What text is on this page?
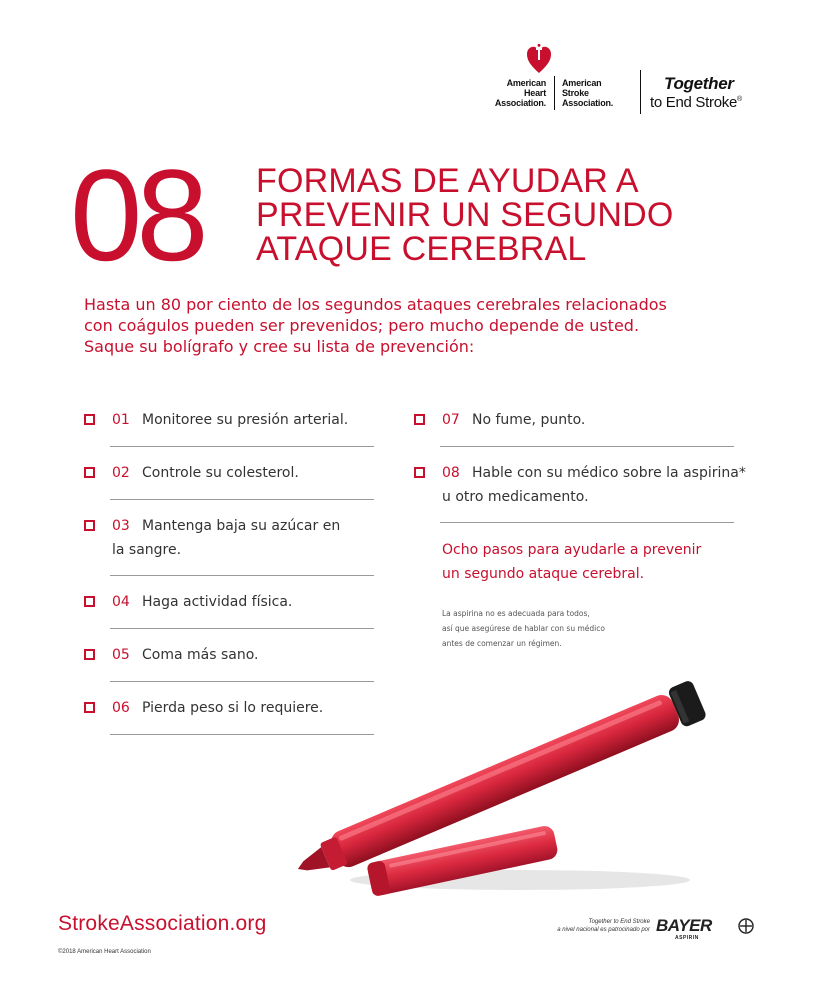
American
Heart
Association.
American
Stroke
Association.
Together
to End Stroke®
08 FORMAS DE AYUDAR A
PREVENIR UN SEGUNDO
ATAQUE CEREBRAL
Hasta un 80 por ciento de los segundos ataques cerebrales relacionados
con coágulos pueden ser prevenidos; pero mucho depende de usted.
Saque su bolígrafo y cree su lista de prevención:
01 Monitoree su presión arterial.
02 Controle su colesterol.
03 Mantenga baja su azúcar en
la sangre.
04 Haga actividad física.
05 Coma más sano.
06 Pierda peso si lo requiere.
07 No fume, punto.
08 Hable con su médico sobre la aspirina*
u otro medicamento.
Ocho pasos para ayudarle a prevenir
un segundo ataque cerebral.
La aspirina no es adecuada para todos,
así que asegúrese de hablar con su médico
antes de comenzar un régimen.
StrokeAssociation.org
©2018 American Heart Association
Together to End Stroke
a nivel nacional es patrocinado por BAYER
ASPIRIN
